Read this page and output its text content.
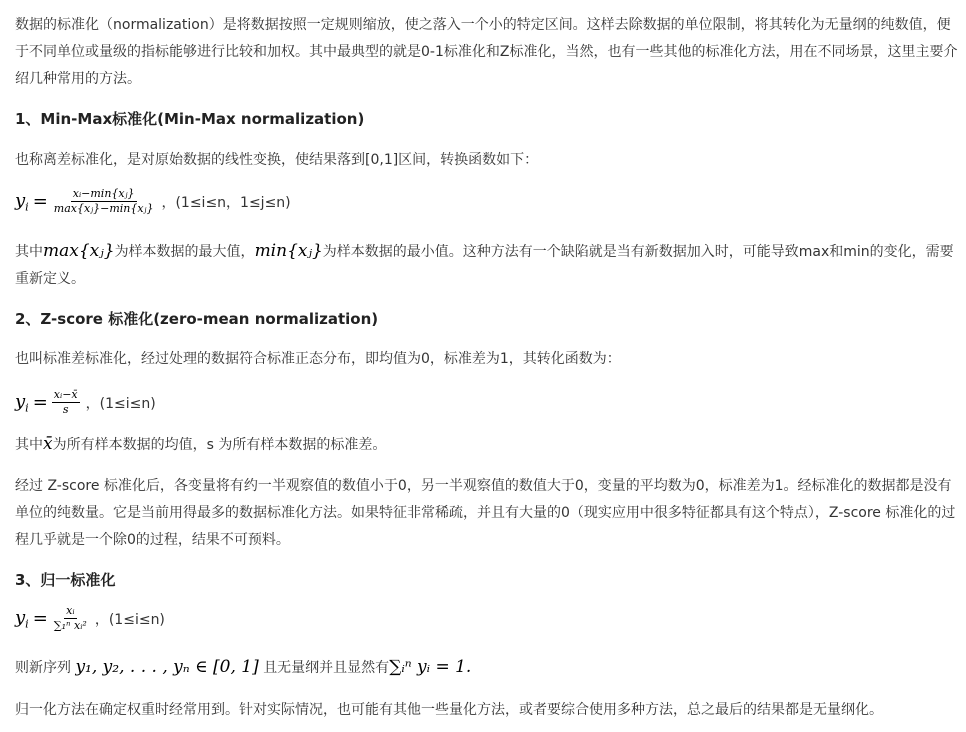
数据的标准化（normalization）是将数据按照一定规则缩放，使之落入一个小的特定区间。这样去除数据的单位限制，将其转化为无量纲的纯数值，便于不同单位或量级的指标能够进行比较和加权。其中最典型的就是0-1标准化和Z标准化，当然，也有一些其他的标准化方法，用在不同场景，这里主要介绍几种常用的方法。

1、Min-Max标准化(Min-Max normalization)

也称离差标准化，是对原始数据的线性变换，使结果落到[0,1]区间，转换函数如下：

$y_i = \frac{\text{xᵢ−min\{xⱼ\}}}{\text{max\{xⱼ\}−min\{xⱼ\}}}$ ，(1≤i≤n，1≤j≤n)

其中max{xⱼ}为样本数据的最大值，min{xⱼ}为样本数据的最小值。这种方法有一个缺陷就是当有新数据加入时，可能导致max和min的变化，需要重新定义。

2、Z-score 标准化(zero-mean normalization)

也叫标准差标准化，经过处理的数据符合标准正态分布，即均值为0，标准差为1，其转化函数为：

$y_i = \frac{\text{xᵢ−x̄}}{s}$ ，(1≤i≤n)

其中x̄为所有样本数据的均值，s 为所有样本数据的标准差。

经过 Z-score 标准化后，各变量将有约一半观察值的数值小于0，另一半观察值的数值大于0，变量的平均数为0，标准差为1。经标准化的数据都是没有单位的纯数量。它是当前用得最多的数据标准化方法。如果特征非常稀疏，并且有大量的0（现实应用中很多特征都具有这个特点），Z-score 标准化的过程几乎就是一个除0的过程，结果不可预料。

3、归一标准化

$y_i = \frac{\text{xᵢ}}{\text{∑₁ⁿ xᵢ²}}$ ，(1≤i≤n)

则新序列 y₁, y₂, . . . , yₙ ∈ [0, 1] 且无量纲并且显然有∑ᵢⁿ yᵢ = 1.

归一化方法在确定权重时经常用到。针对实际情况，也可能有其他一些量化方法，或者要综合使用多种方法，总之最后的结果都是无量纲化。
